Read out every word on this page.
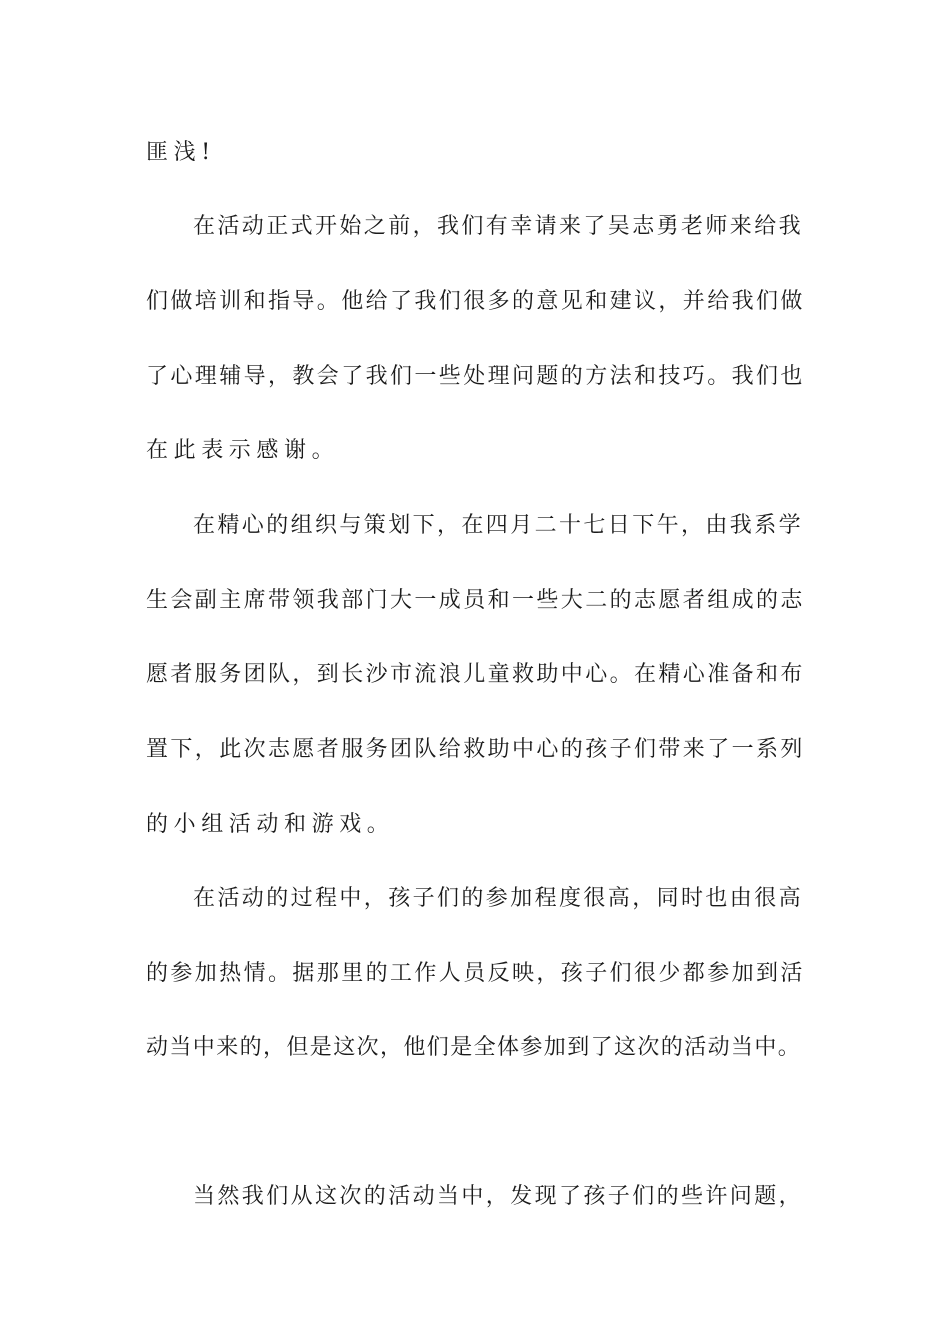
匪浅!
在活动正式开始之前，我们有幸请来了吴志勇老师来给我
们做培训和指导。他给了我们很多的意见和建议，并给我们做
了心理辅导，教会了我们一些处理问题的方法和技巧。我们也
在此表示感谢。
在精心的组织与策划下，在四月二十七日下午，由我系学
生会副主席带领我部门大一成员和一些大二的志愿者组成的志
愿者服务团队，到长沙市流浪儿童救助中心。在精心准备和布
置下，此次志愿者服务团队给救助中心的孩子们带来了一系列
的小组活动和游戏。
在活动的过程中，孩子们的参加程度很高，同时也由很高
的参加热情。据那里的工作人员反映，孩子们很少都参加到活
动当中来的，但是这次，他们是全体参加到了这次的活动当中。
当然我们从这次的活动当中，发现了孩子们的些许问题，
